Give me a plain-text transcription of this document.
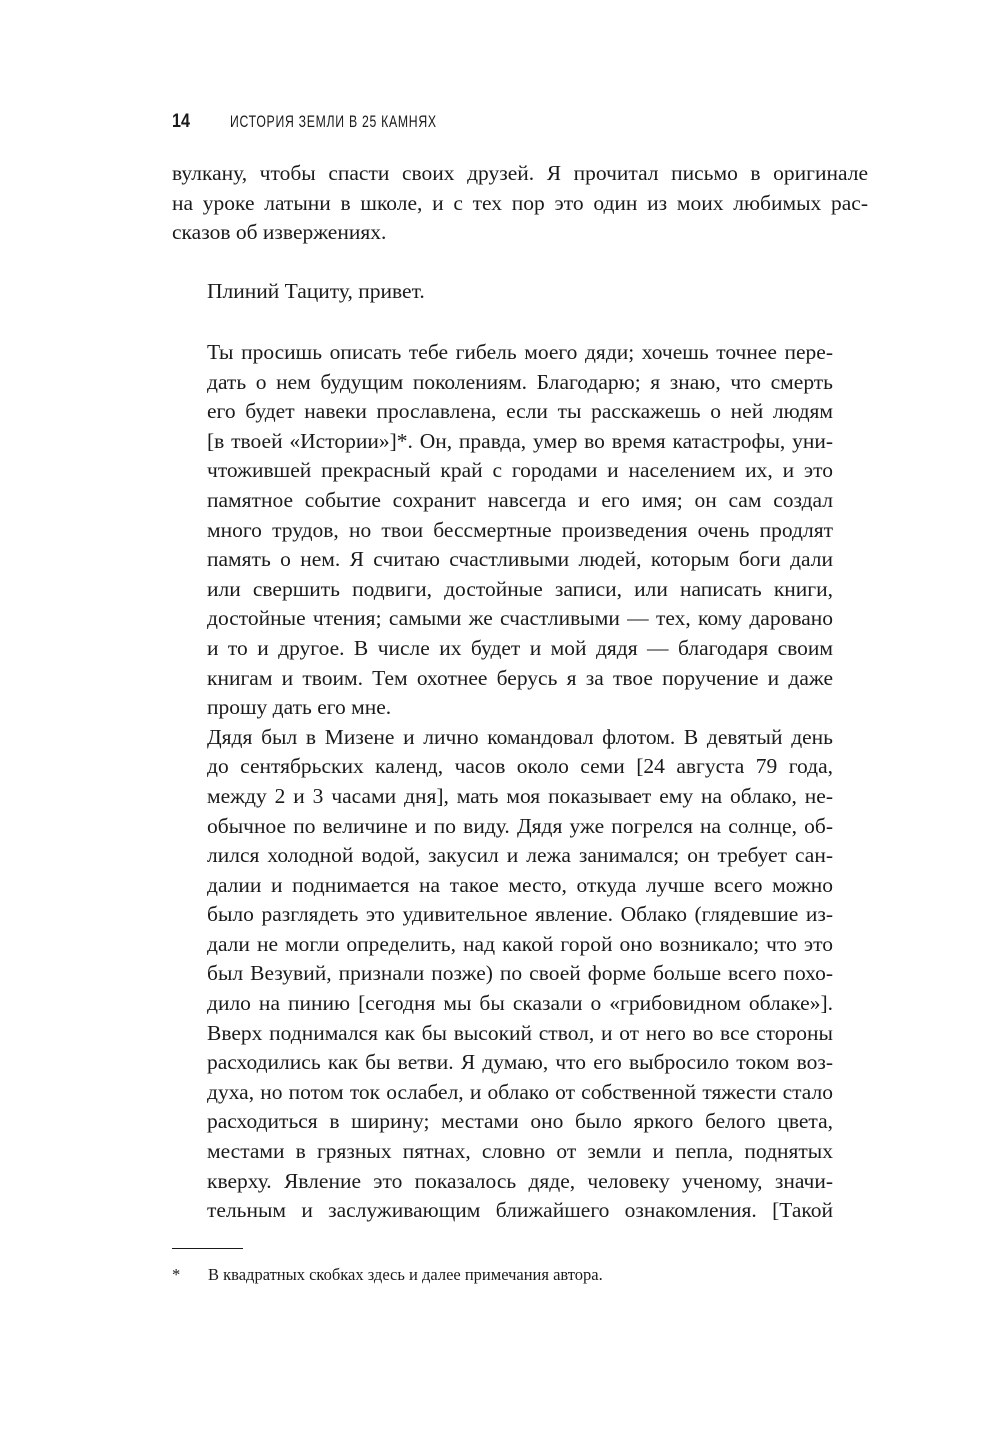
14	ИСТОРИЯ ЗЕМЛИ В 25 КАМНЯХ
вулкану, чтобы спасти своих друзей. Я прочитал письмо в оригинале
на уроке латыни в школе, и с тех пор это один из моих любимых рас-
сказов об извержениях.
Плиний Тациту, привет.
Ты просишь описать тебе гибель моего дяди; хочешь точнее пере-
дать о нем будущим поколениям. Благодарю; я знаю, что смерть
его будет навеки прославлена, если ты расскажешь о ней людям
[в твоей «Истории»]*. Он, правда, умер во время катастрофы, уни-
чтожившей прекрасный край с городами и населением их, и это
памятное событие сохранит навсегда и его имя; он сам создал
много трудов, но твои бессмертные произведения очень продлят
память о нем. Я считаю счастливыми людей, которым боги дали
или свершить подвиги, достойные записи, или написать книги,
достойные чтения; самыми же счастливыми — тех, кому даровано
и то и другое. В числе их будет и мой дядя — благодаря своим
книгам и твоим. Тем охотнее берусь я за твое поручение и даже
прошу дать его мне.
Дядя был в Мизене и лично командовал флотом. В девятый день
до сентябрьских календ, часов около семи [24 августа 79 года,
между 2 и 3 часами дня], мать моя показывает ему на облако, не-
обычное по величине и по виду. Дядя уже погрелся на солнце, об-
лился холодной водой, закусил и лежа занимался; он требует сан-
далии и поднимается на такое место, откуда лучше всего можно
было разглядеть это удивительное явление. Облако (глядевшие из-
дали не могли определить, над какой горой оно возникало; что это
был Везувий, признали позже) по своей форме больше всего похо-
дило на пинию [сегодня мы бы сказали о «грибовидном облаке»].
Вверх поднимался как бы высокий ствол, и от него во все стороны
расходились как бы ветви. Я думаю, что его выбросило током воз-
духа, но потом ток ослабел, и облако от собственной тяжести стало
расходиться в ширину; местами оно было яркого белого цвета,
местами в грязных пятнах, словно от земли и пепла, поднятых
кверху. Явление это показалось дяде, человеку ученому, значи-
тельным и заслуживающим ближайшего ознакомления. [Такой
*	В квадратных скобках здесь и далее примечания автора.
